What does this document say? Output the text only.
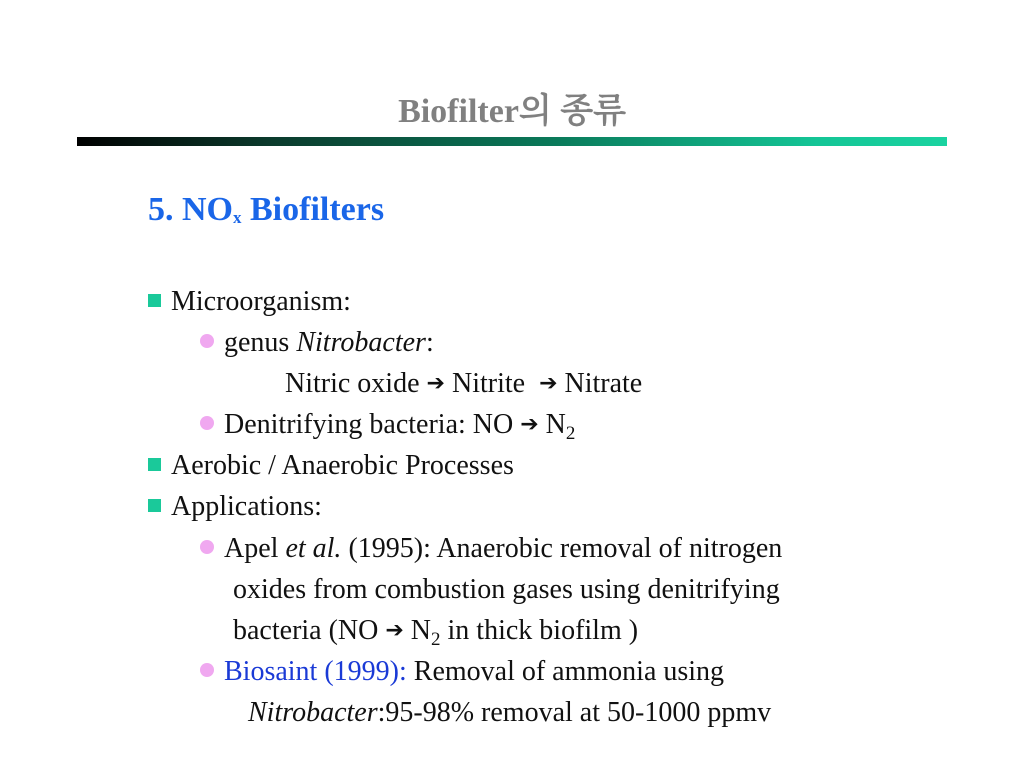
Biofilter의 종류
5. NOx Biofilters
Microorganism:
genus Nitrobacter:
Nitric oxide ➔ Nitrite ➔ Nitrate
Denitrifying bacteria: NO ➔ $N_2$
Aerobic / Anaerobic Processes
Applications:
Apel et al. (1995): Anaerobic removal of nitrogen
oxides from combustion gases using denitrifying
bacteria (NO ➔ $N_2$ in thick biofilm )
Biosaint (1999): Removal of ammonia using
Nitrobacter:95-98% removal at 50-1000 ppmv
